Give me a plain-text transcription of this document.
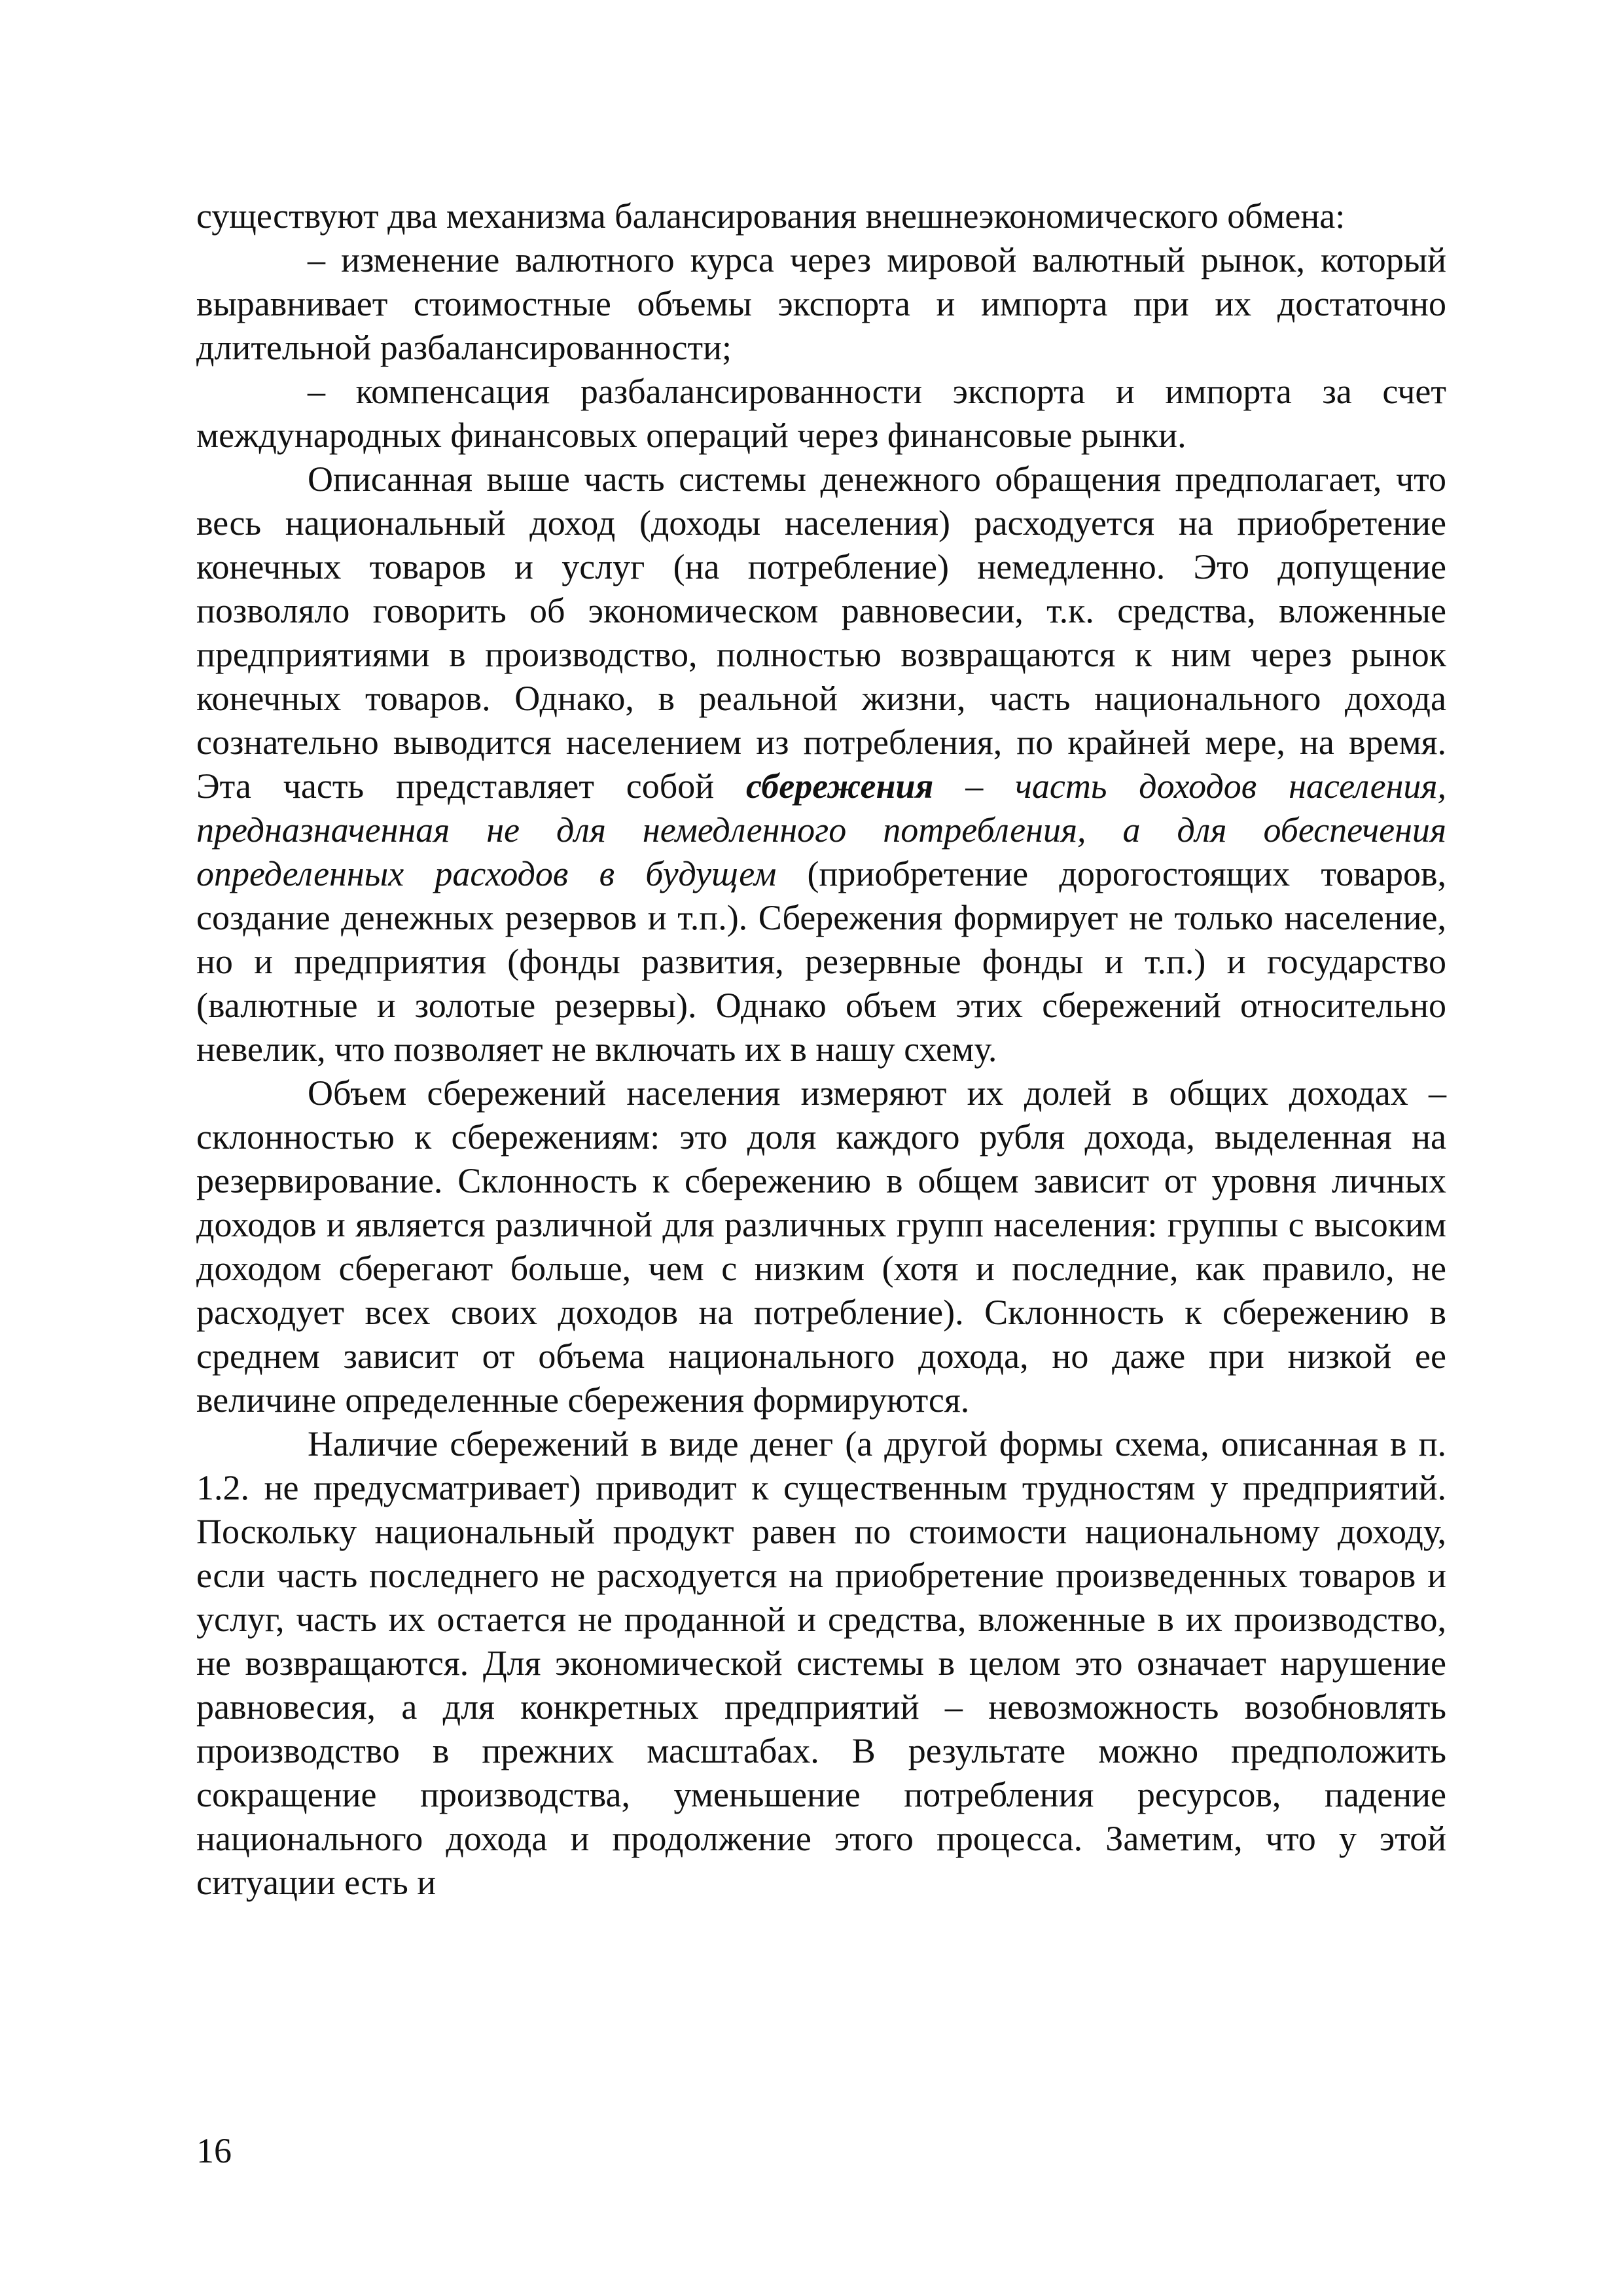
существуют два механизма балансирования внешнеэкономического обмена:

– изменение валютного курса через мировой валютный рынок, который выравнивает стоимостные объемы экспорта и импорта при их достаточно длительной разбалансированности;

– компенсация разбалансированности экспорта и импорта за счет международных финансовых операций через финансовые рынки.

Описанная выше часть системы денежного обращения предполагает, что весь национальный доход (доходы населения) расходуется на приобретение конечных товаров и услуг (на потребление) немедленно. Это допущение позволяло говорить об экономическом равновесии, т.к. средства, вложенные предприятиями в производство, полностью возвращаются к ним через рынок конечных товаров. Однако, в реальной жизни, часть национального дохода сознательно выводится населением из потребления, по крайней мере, на время. Эта часть представляет собой сбережения – часть доходов населения, предназначенная не для немедленного потребления, а для обеспечения определенных расходов в будущем (приобретение дорогостоящих товаров, создание денежных резервов и т.п.). Сбережения формирует не только население, но и предприятия (фонды развития, резервные фонды и т.п.) и государство (валютные и золотые резервы). Однако объем этих сбережений относительно невелик, что позволяет не включать их в нашу схему.

Объем сбережений населения измеряют их долей в общих доходах – склонностью к сбережениям: это доля каждого рубля дохода, выделенная на резервирование. Склонность к сбережению в общем зависит от уровня личных доходов и является различной для различных групп населения: группы с высоким доходом сберегают больше, чем с низким (хотя и последние, как правило, не расходует всех своих доходов на потребление). Склонность к сбережению в среднем зависит от объема национального дохода, но даже при низкой ее величине определенные сбережения формируются.

Наличие сбережений в виде денег (а другой формы схема, описанная в п. 1.2. не предусматривает) приводит к существенным трудностям у предприятий. Поскольку национальный продукт равен по стоимости национальному доходу, если часть последнего не расходуется на приобретение произведенных товаров и услуг, часть их остается не проданной и средства, вложенные в их производство, не возвращаются. Для экономической системы в целом это означает нарушение равновесия, а для конкретных предприятий – невозможность возобновлять производство в прежних масштабах. В результате можно предположить сокращение производства, уменьшение потребления ресурсов, падение национального дохода и продолжение этого процесса. Заметим, что у этой ситуации есть и

16
